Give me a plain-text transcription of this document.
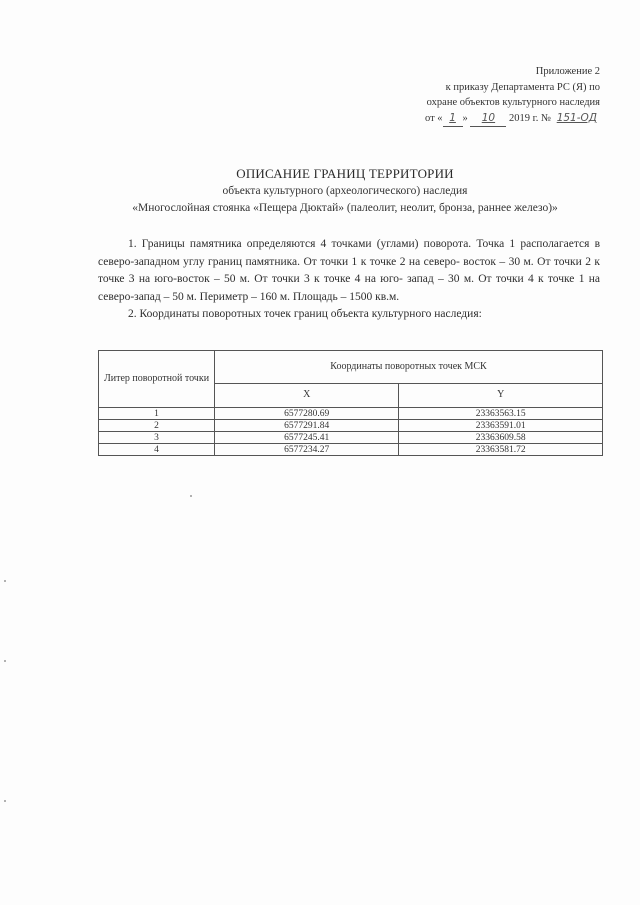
Приложение 2
к приказу Департамента РС (Я) по
охране объектов культурного наследия
от « 1 » 10 2019 г. № 151-ОД
ОПИСАНИЕ ГРАНИЦ ТЕРРИТОРИИ
объекта культурного (археологического) наследия
«Многослойная стоянка «Пещера Дюктай» (палеолит, неолит, бронза, раннее железо)»

1. Границы памятника определяются 4 точками (углами) поворота. Точка 1 располагается в северо-западном углу границ памятника. От точки 1 к точке 2 на северо- восток – 30 м. От точки 2 к точке 3 на юго-восток – 50 м. От точки 3 к точке 4 на юго- запад – 30 м. От точки 4 к точке 1 на северо-запад – 50 м. Периметр – 160 м. Площадь – 1500 кв.м.

2. Координаты поворотных точек границ объекта культурного наследия:

Литер поворотной точки	Координаты поворотных точек МСК	
	X	Y
1	6577280.69	23363563.15
2	6577291.84	23363591.01
3	6577245.41	23363609.58
4	6577234.27	23363581.72
